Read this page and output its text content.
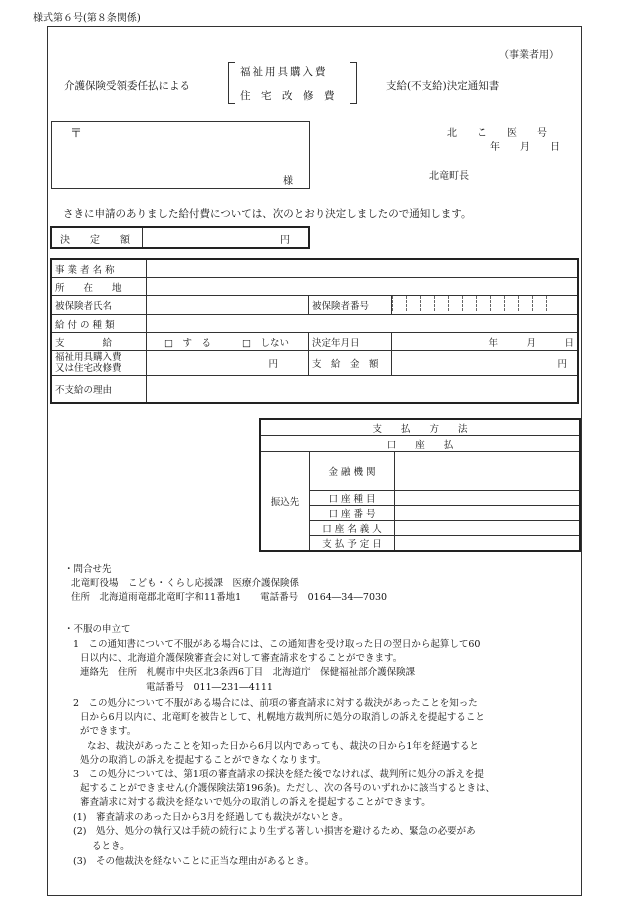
様式第６号(第８条関係)
（事業者用）
介護保険受領委任払による
福祉用具購入費
住　宅　改　修　費
支給(不支給)決定通知書
〒
様
北　　こ　　医　　号
年　　月　　日
北竜町長
さきに申請のありました給付費については、次のとおり決定しましたので通知します。
決　　定　　額	円
事 業 者 名 称			
所　　在　　地			
被保険者氏名		被保険者番号	
給 付 の 種 類			
支　　　　給	□　す　る □　しない	決定年月日	年　　　月　　　日

福祉用具購入費
又は住宅改修費	円	支　給　金　額	円
不支給の理由			
支　　払　　方　　法		
口　　座　　払		
振込先	金 融 機 関	
	口 座 種 目	
	口 座 番 号	
	口 座 名 義 人	
	支 払 予 定 日	
・問合せ先
北竜町役場　こども・くらし応援課　医療介護保険係
住所　北海道雨竜郡北竜町字和11番地1　　電話番号　0164―34―7030
・不服の申立て
1　この通知書について不服がある場合には、この通知書を受け取った日の翌日から起算して60
日以内に、北海道介護保険審査会に対して審査請求をすることができます。
連絡先　住所　札幌市中央区北3条西6丁目　北海道庁　保健福祉部介護保険課
電話番号　011―231―4111
2　この処分について不服がある場合には、前項の審査請求に対する裁決があったことを知った
日から6月以内に、北竜町を被告として、札幌地方裁判所に処分の取消しの訴えを提起すること
ができます。
なお、裁決があったことを知った日から6月以内であっても、裁決の日から1年を経過すると
処分の取消しの訴えを提起することができなくなります。
3　この処分については、第1項の審査請求の採決を経た後でなければ、裁判所に処分の訴えを提
起することができません(介護保険法第196条)。ただし、次の各号のいずれかに該当するときは、
審査請求に対する裁決を経ないで処分の取消しの訴えを提起することができます。
(1)　審査請求のあった日から3月を経過しても裁決がないとき。
(2)　処分、処分の執行又は手続の続行により生ずる著しい損害を避けるため、緊急の必要があ
るとき。
(3)　その他裁決を経ないことに正当な理由があるとき。
